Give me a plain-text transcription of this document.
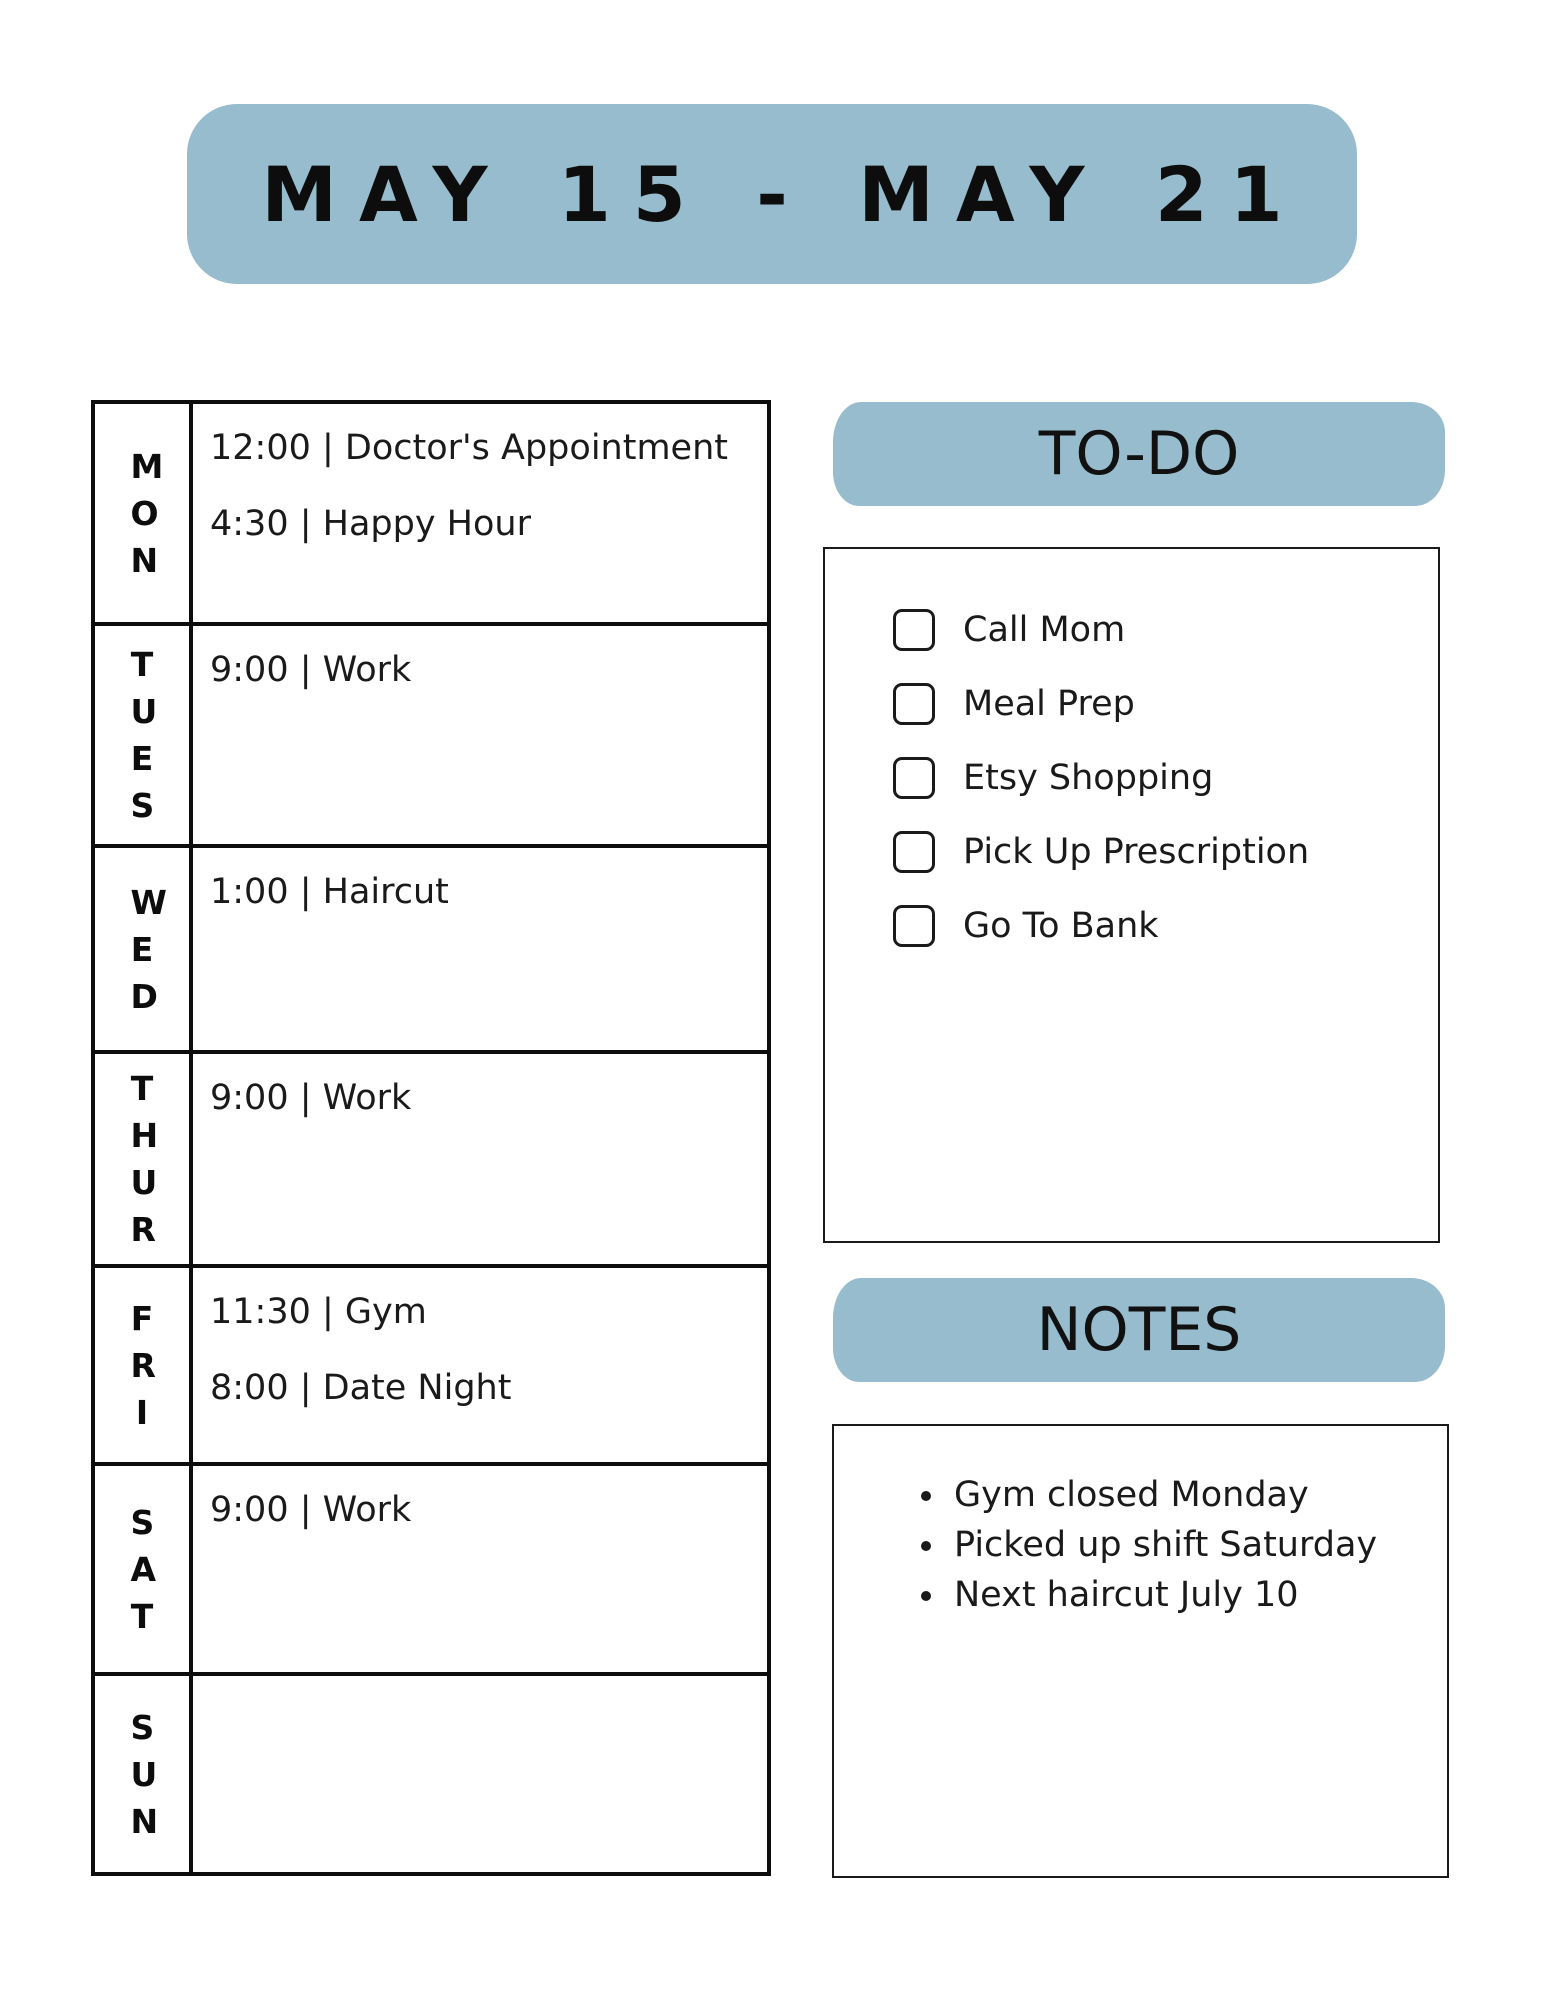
MAY 15 - MAY 21
MON
12:00 | Doctor's Appointment
4:30 | Happy Hour
TUES
9:00 | Work
WED
1:00 | Haircut
THUR
9:00 | Work
FRI
11:30 | Gym
8:00 | Date Night
SAT
9:00 | Work
SUN
TO-DO
Call Mom
Meal Prep
Etsy Shopping
Pick Up Prescription
Go To Bank
NOTES
Gym closed Monday
Picked up shift Saturday
Next haircut July 10
